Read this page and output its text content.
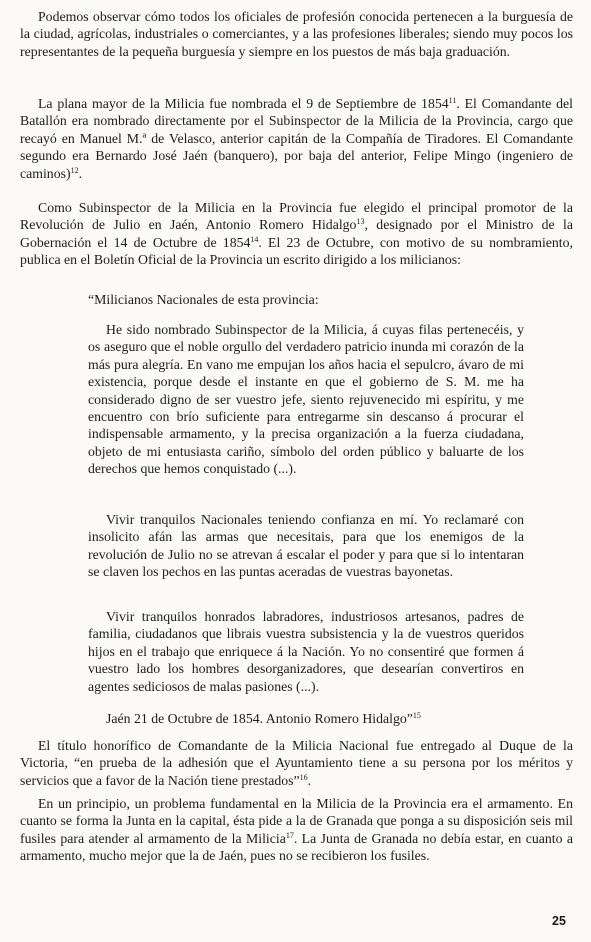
Podemos observar cómo todos los oficiales de profesión conocida pertenecen a la burguesía de la ciudad, agrícolas, industriales o comerciantes, y a las profesiones liberales; siendo muy pocos los representantes de la pequeña burguesía y siempre en los puestos de más baja graduación.

La plana mayor de la Milicia fue nombrada el 9 de Septiembre de 1854$^{11}$. El Comandante del Batallón era nombrado directamente por el Subinspector de la Milicia de la Provincia, cargo que recayó en Manuel M.ª de Velasco, anterior capitán de la Compañía de Tiradores. El Comandante segundo era Bernardo José Jaén (banquero), por baja del anterior, Felipe Mingo (ingeniero de caminos)$^{12}$.

Como Subinspector de la Milicia en la Provincia fue elegido el principal promotor de la Revolución de Julio en Jaén, Antonio Romero Hidalgo$^{13}$, designado por el Ministro de la Gobernación el 14 de Octubre de 1854$^{14}$. El 23 de Octubre, con motivo de su nombramiento, publica en el Boletín Oficial de la Provincia un escrito dirigido a los milicianos:

“Milicianos Nacionales de esta provincia:

He sido nombrado Subinspector de la Milicia, á cuyas filas pertenecéis, y os aseguro que el noble orgullo del verdadero patricio inunda mi corazón de la más pura alegría. En vano me empujan los años hacia el sepulcro, ávaro de mi existencia, porque desde el instante en que el gobierno de S. M. me ha considerado digno de ser vuestro jefe, siento rejuvenecido mi espíritu, y me encuentro con brío suficiente para entregarme sin descanso á procurar el indispensable armamento, y la precisa organización a la fuerza ciudadana, objeto de mi entusiasta cariño, símbolo del orden público y baluarte de los derechos que hemos conquistado (...).

Vivir tranquilos Nacionales teniendo confianza en mí. Yo reclamaré con insolicito afán las armas que necesitais, para que los enemigos de la revolución de Julio no se atrevan á escalar el poder y para que si lo intentaran se claven los pechos en las puntas aceradas de vuestras bayonetas.

Vivir tranquilos honrados labradores, industriosos artesanos, padres de familia, ciudadanos que librais vuestra subsistencia y la de vuestros queridos hijos en el trabajo que enriquece á la Nación. Yo no consentiré que formen á vuestro lado los hombres desorganizadores, que desearían convertiros en agentes sediciosos de malas pasiones (...).

Jaén 21 de Octubre de 1854. Antonio Romero Hidalgo”$^{15}$

El título honorífico de Comandante de la Milicia Nacional fue entregado al Duque de la Victoria, “en prueba de la adhesión que el Ayuntamiento tiene a su persona por los méritos y servicios que a favor de la Nación tiene prestados”$^{16}$.

En un principio, un problema fundamental en la Milicia de la Provincia era el armamento. En cuanto se forma la Junta en la capital, ésta pide a la de Granada que ponga a su disposición seis mil fusiles para atender al armamento de la Milicia$^{17}$. La Junta de Granada no debía estar, en cuanto a armamento, mucho mejor que la de Jaén, pues no se recibieron los fusiles.

25
